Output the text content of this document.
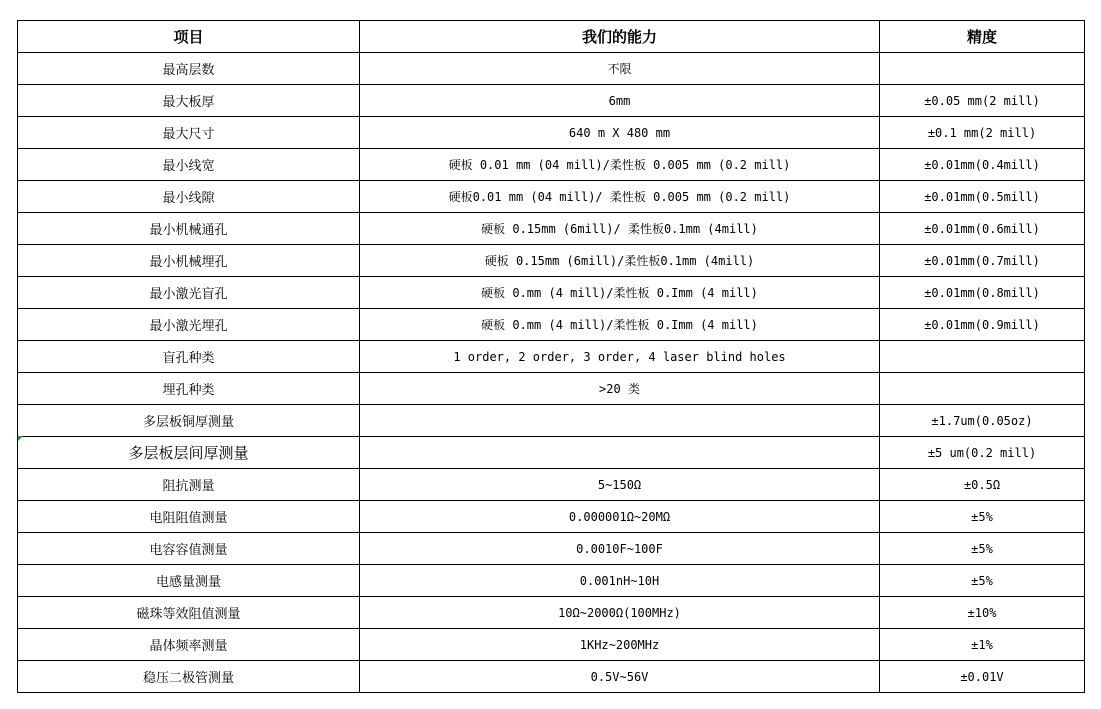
项目	我们的能力	精度
最高层数	不限	
最大板厚	6mm	±0.05 mm(2 mill)
最大尺寸	640 m X 480 mm	±0.1 mm(2 mill)
最小线宽	硬板 0.01 mm (04 mill)/柔性板 0.005 mm (0.2 mill)	±0.01mm(0.4mill)
最小线隙	硬板0.01 mm (04 mill)/ 柔性板 0.005 mm (0.2 mill)	±0.01mm(0.5mill)
最小机械通孔	硬板 0.15mm (6mill)/ 柔性板0.1mm (4mill)	±0.01mm(0.6mill)
最小机械埋孔	硬板 0.15mm (6mill)/柔性板0.1mm (4mill)	±0.01mm(0.7mill)
最小激光盲孔	硬板 0.mm (4 mill)/柔性板 0.Imm (4 mill)	±0.01mm(0.8mill)
最小激光埋孔	硬板 0.mm (4 mill)/柔性板 0.Imm (4 mill)	±0.01mm(0.9mill)
盲孔种类	1 order, 2 order, 3 order, 4 laser blind holes	
埋孔种类	>20 类	
多层板铜厚测量		±1.7um(0.05oz)
多层板层间厚测量		±5 um(0.2 mill)
阻抗测量	5~150Ω	±0.5Ω
电阻阻值测量	0.000001Ω~20MΩ	±5%
电容容值测量	0.0010F~100F	±5%
电感量测量	0.001nH~10H	±5%
磁珠等效阻值测量	10Ω~2000Ω(100MHz)	±10%
晶体频率测量	1KHz~200MHz	±1%
稳压二极管测量	0.5V~56V	±0.01V
